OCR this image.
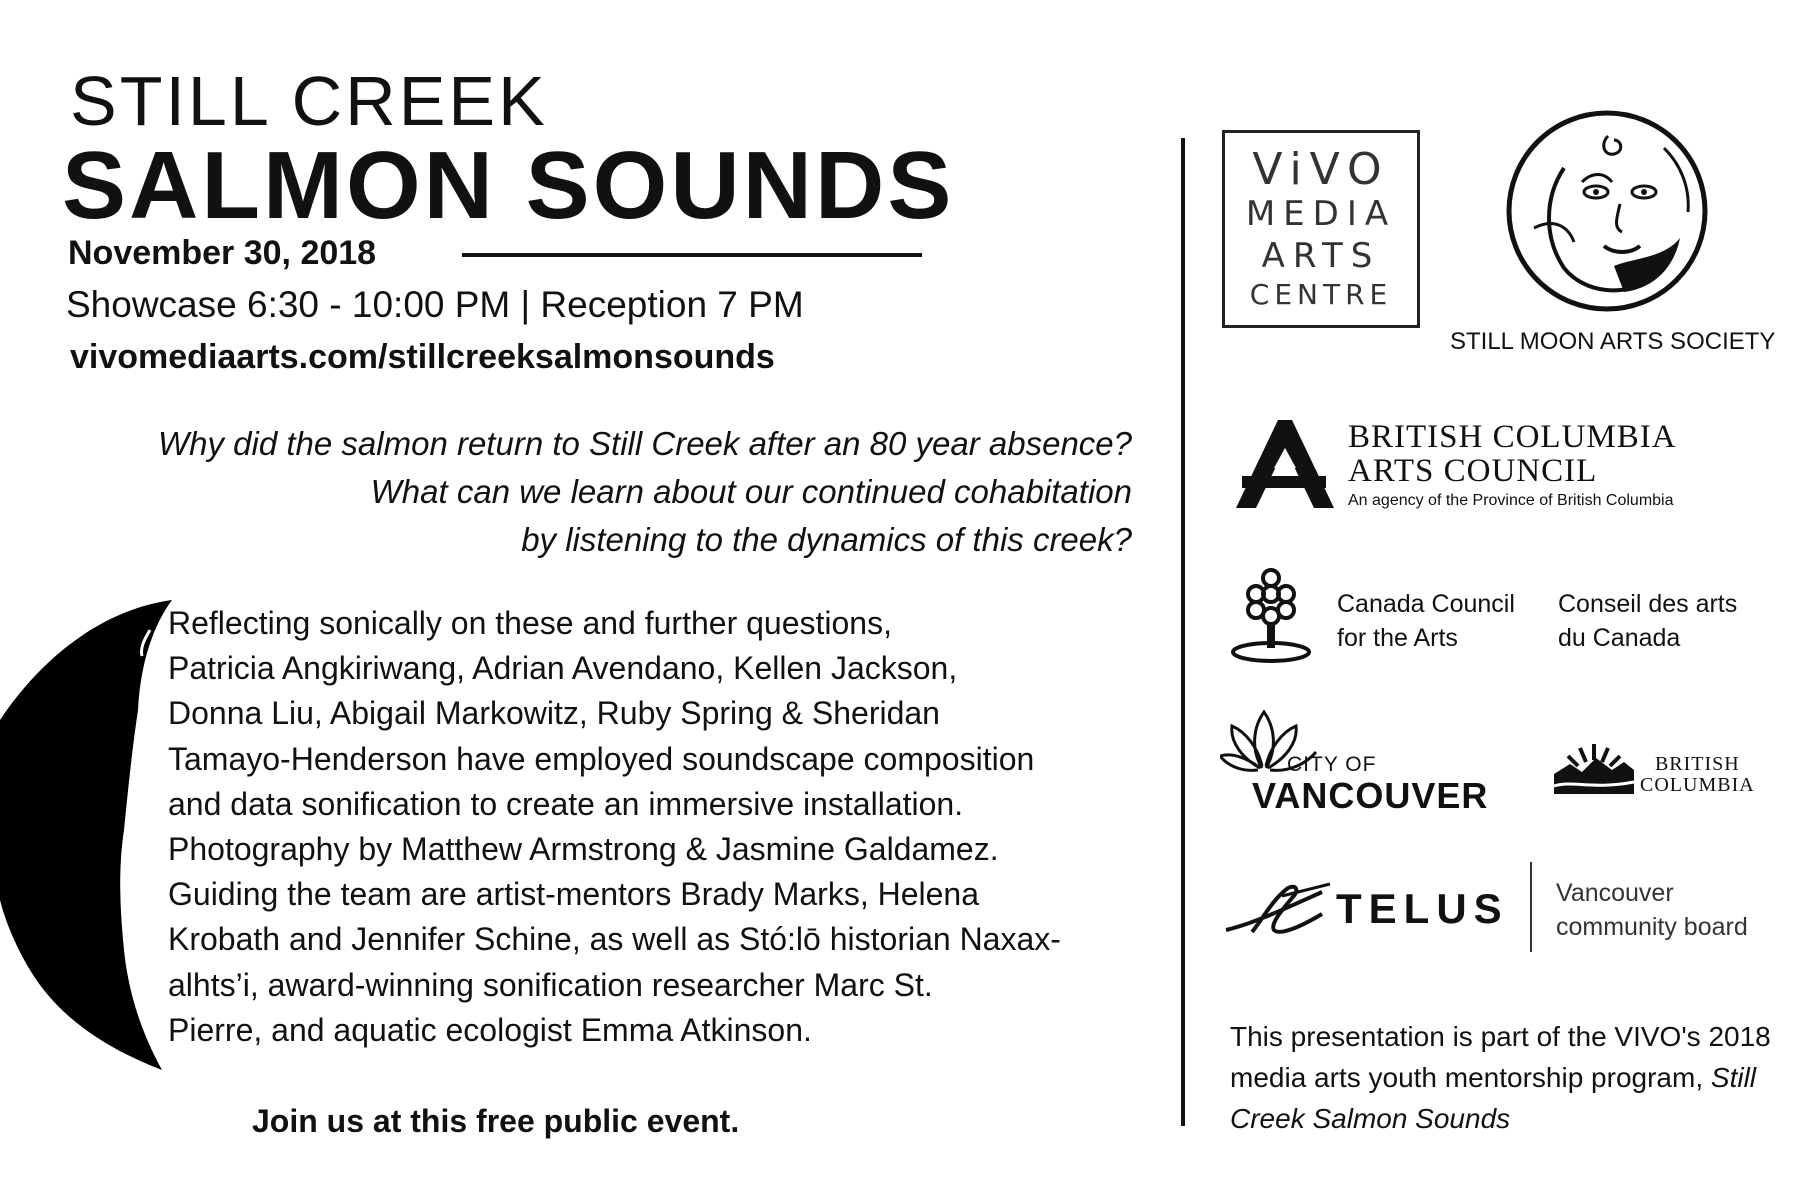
STILL CREEK
SALMON SOUNDS
November 30, 2018
Showcase 6:30 - 10:00 PM | Reception 7 PM
vivomediaarts.com/stillcreeksalmonsounds
Why did the salmon return to Still Creek after an 80 year absence?
What can we learn about our continued cohabitation
by listening to the dynamics of this creek?
Reflecting sonically on these and further questions,
Patricia Angkiriwang, Adrian Avendano, Kellen Jackson,
Donna Liu, Abigail Markowitz, Ruby Spring & Sheridan
Tamayo-Henderson have employed soundscape composition
and data sonification to create an immersive installation.
Photography by Matthew Armstrong & Jasmine Galdamez.
Guiding the team are artist-mentors Brady Marks, Helena
Krobath and Jennifer Schine, as well as Stó:lō historian Naxax-
alhts’i, award-winning sonification researcher Marc St.
Pierre, and aquatic ecologist Emma Atkinson.
Join us at this free public event.
ViVO
MEDIA
ARTS
CENTRE
STILL MOON ARTS SOCIETY
BRITISH COLUMBIA
ARTS COUNCIL
An agency of the Province of British Columbia
Canada Council
for the Arts
Conseil des arts
du Canada
CITY OF
VANCOUVER
BRITISH
COLUMBIA
TELUS Vancouver
community board
This presentation is part of the VIVO's 2018 media arts youth mentorship program, Still Creek Salmon Sounds
